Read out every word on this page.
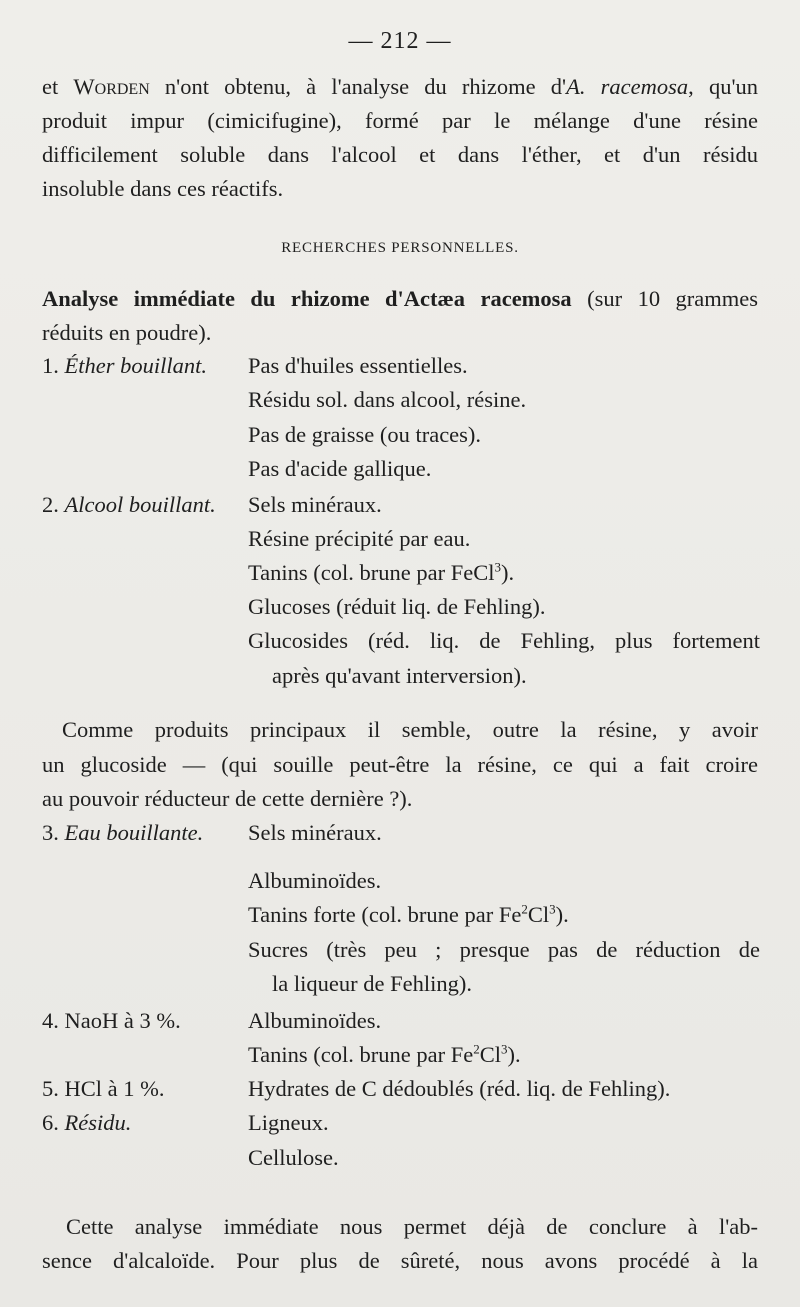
— 212 —
et Worden n'ont obtenu, à l'analyse du rhizome d'A. racemosa, qu'un
produit impur (cimicifugine), formé par le mélange d'une résine
difficilement soluble dans l'alcool et dans l'éther, et d'un résidu
insoluble dans ces réactifs.
RECHERCHES PERSONNELLES.
Analyse immédiate du rhizome d'Actæa racemosa (sur 10 grammes
réduits en poudre).
1. Éther bouillant. Pas d'huiles essentielles.
Résidu sol. dans alcool, résine.
Pas de graisse (ou traces).
Pas d'acide gallique.
2. Alcool bouillant. Sels minéraux.
Résine précipité par eau.
Tanins (col. brune par FeCl$^3$).
Glucoses (réduit liq. de Fehling).
Glucosides (réd. liq. de Fehling, plus fortement
après qu'avant interversion).
Comme produits principaux il semble, outre la résine, y avoir
un glucoside — (qui souille peut-être la résine, ce qui a fait croire
au pouvoir réducteur de cette dernière ?).
3. Eau bouillante. Sels minéraux.
Albuminoïdes.
Tanins forte (col. brune par Fe$^2$Cl$^3$).
Sucres (très peu ; presque pas de réduction de
la liqueur de Fehling).
4. NaoH à 3 %.	Albuminoïdes.
Tanins (col. brune par Fe$^2$Cl$^3$).
5. HCl à 1 %.	Hydrates de C dédoublés (réd. liq. de Fehling).
6. Résidu.	Ligneux.
Cellulose.
Cette analyse immédiate nous permet déjà de conclure à l'ab-
sence d'alcaloïde. Pour plus de sûreté, nous avons procédé à la
